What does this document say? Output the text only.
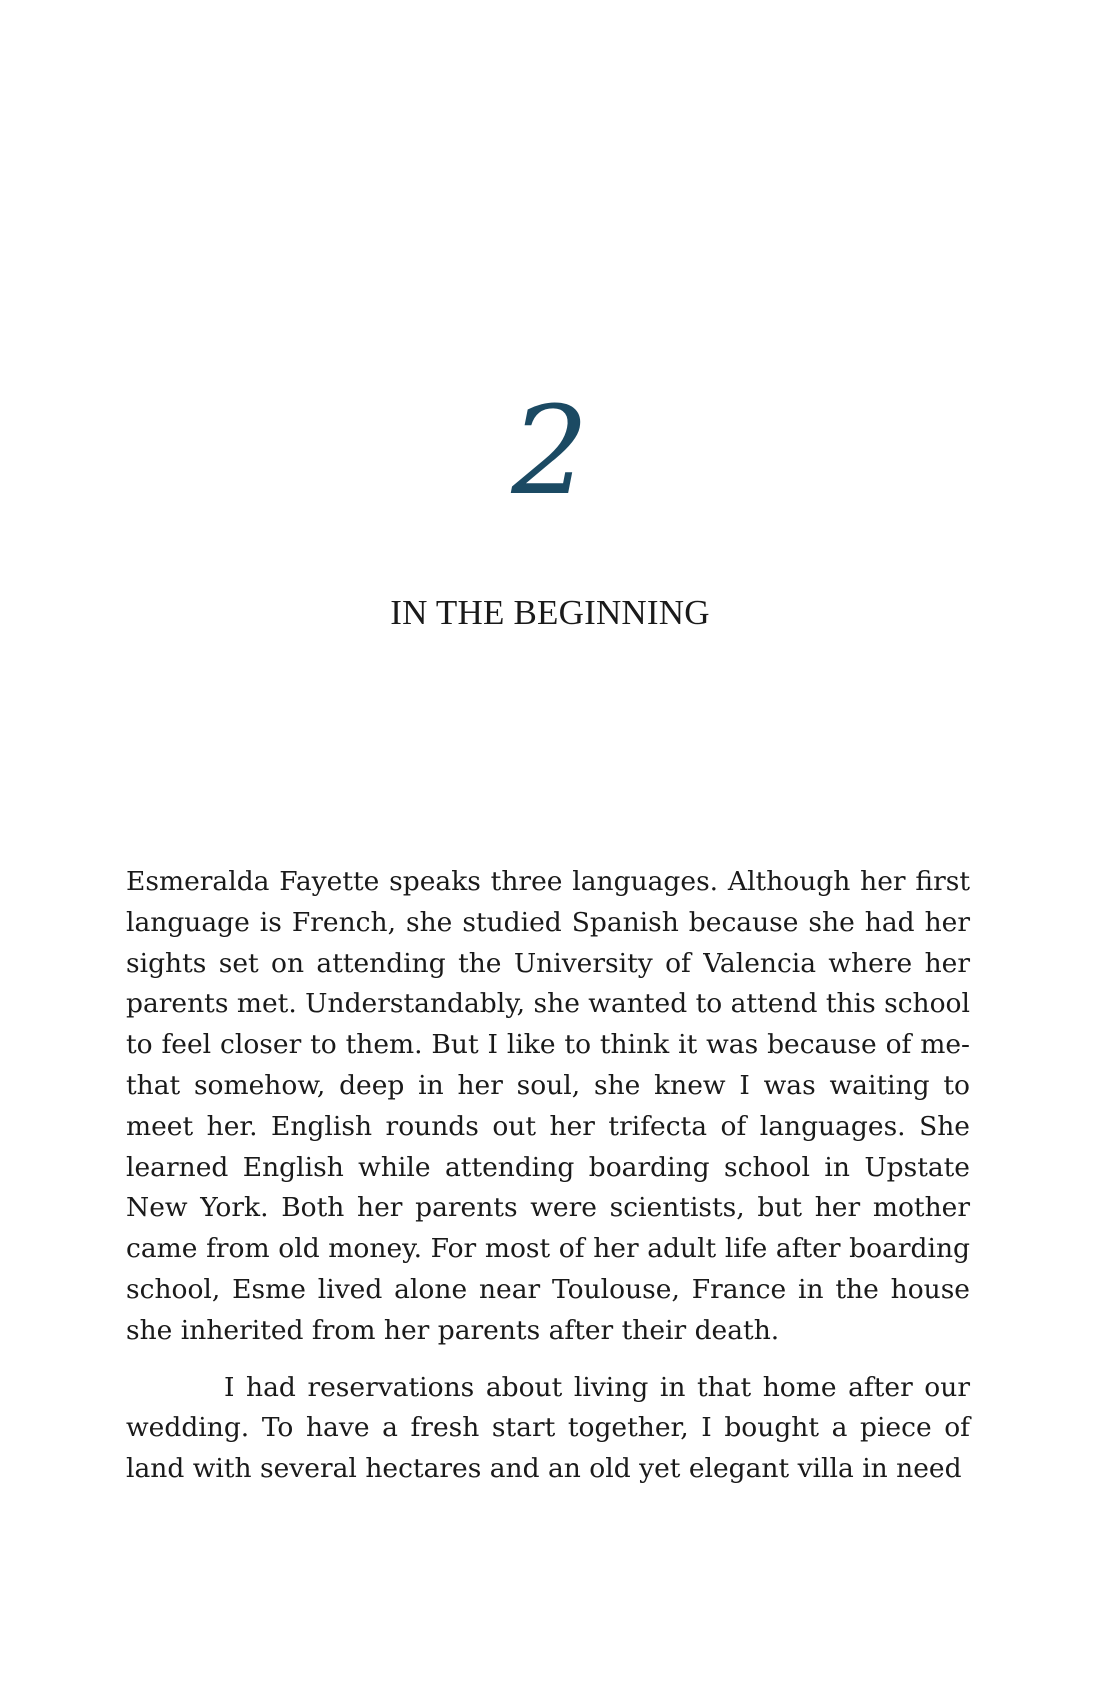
2
IN THE BEGINNING

Esmeralda Fayette speaks three languages. Although her first language is French, she studied Spanish because she had her sights set on attending the University of Valencia where her parents met. Understandably, she wanted to attend this school to feel closer to them. But I like to think it was because of me-that somehow, deep in her soul, she knew I was waiting to meet her. English rounds out her trifecta of languages. She learned English while attending boarding school in Upstate New York. Both her parents were scientists, but her mother came from old money. For most of her adult life after boarding school, Esme lived alone near Toulouse, France in the house she inherited from her parents after their death.

I had reservations about living in that home after our wedding. To have a fresh start together, I bought a piece of land with several hectares and an old yet elegant villa in need
